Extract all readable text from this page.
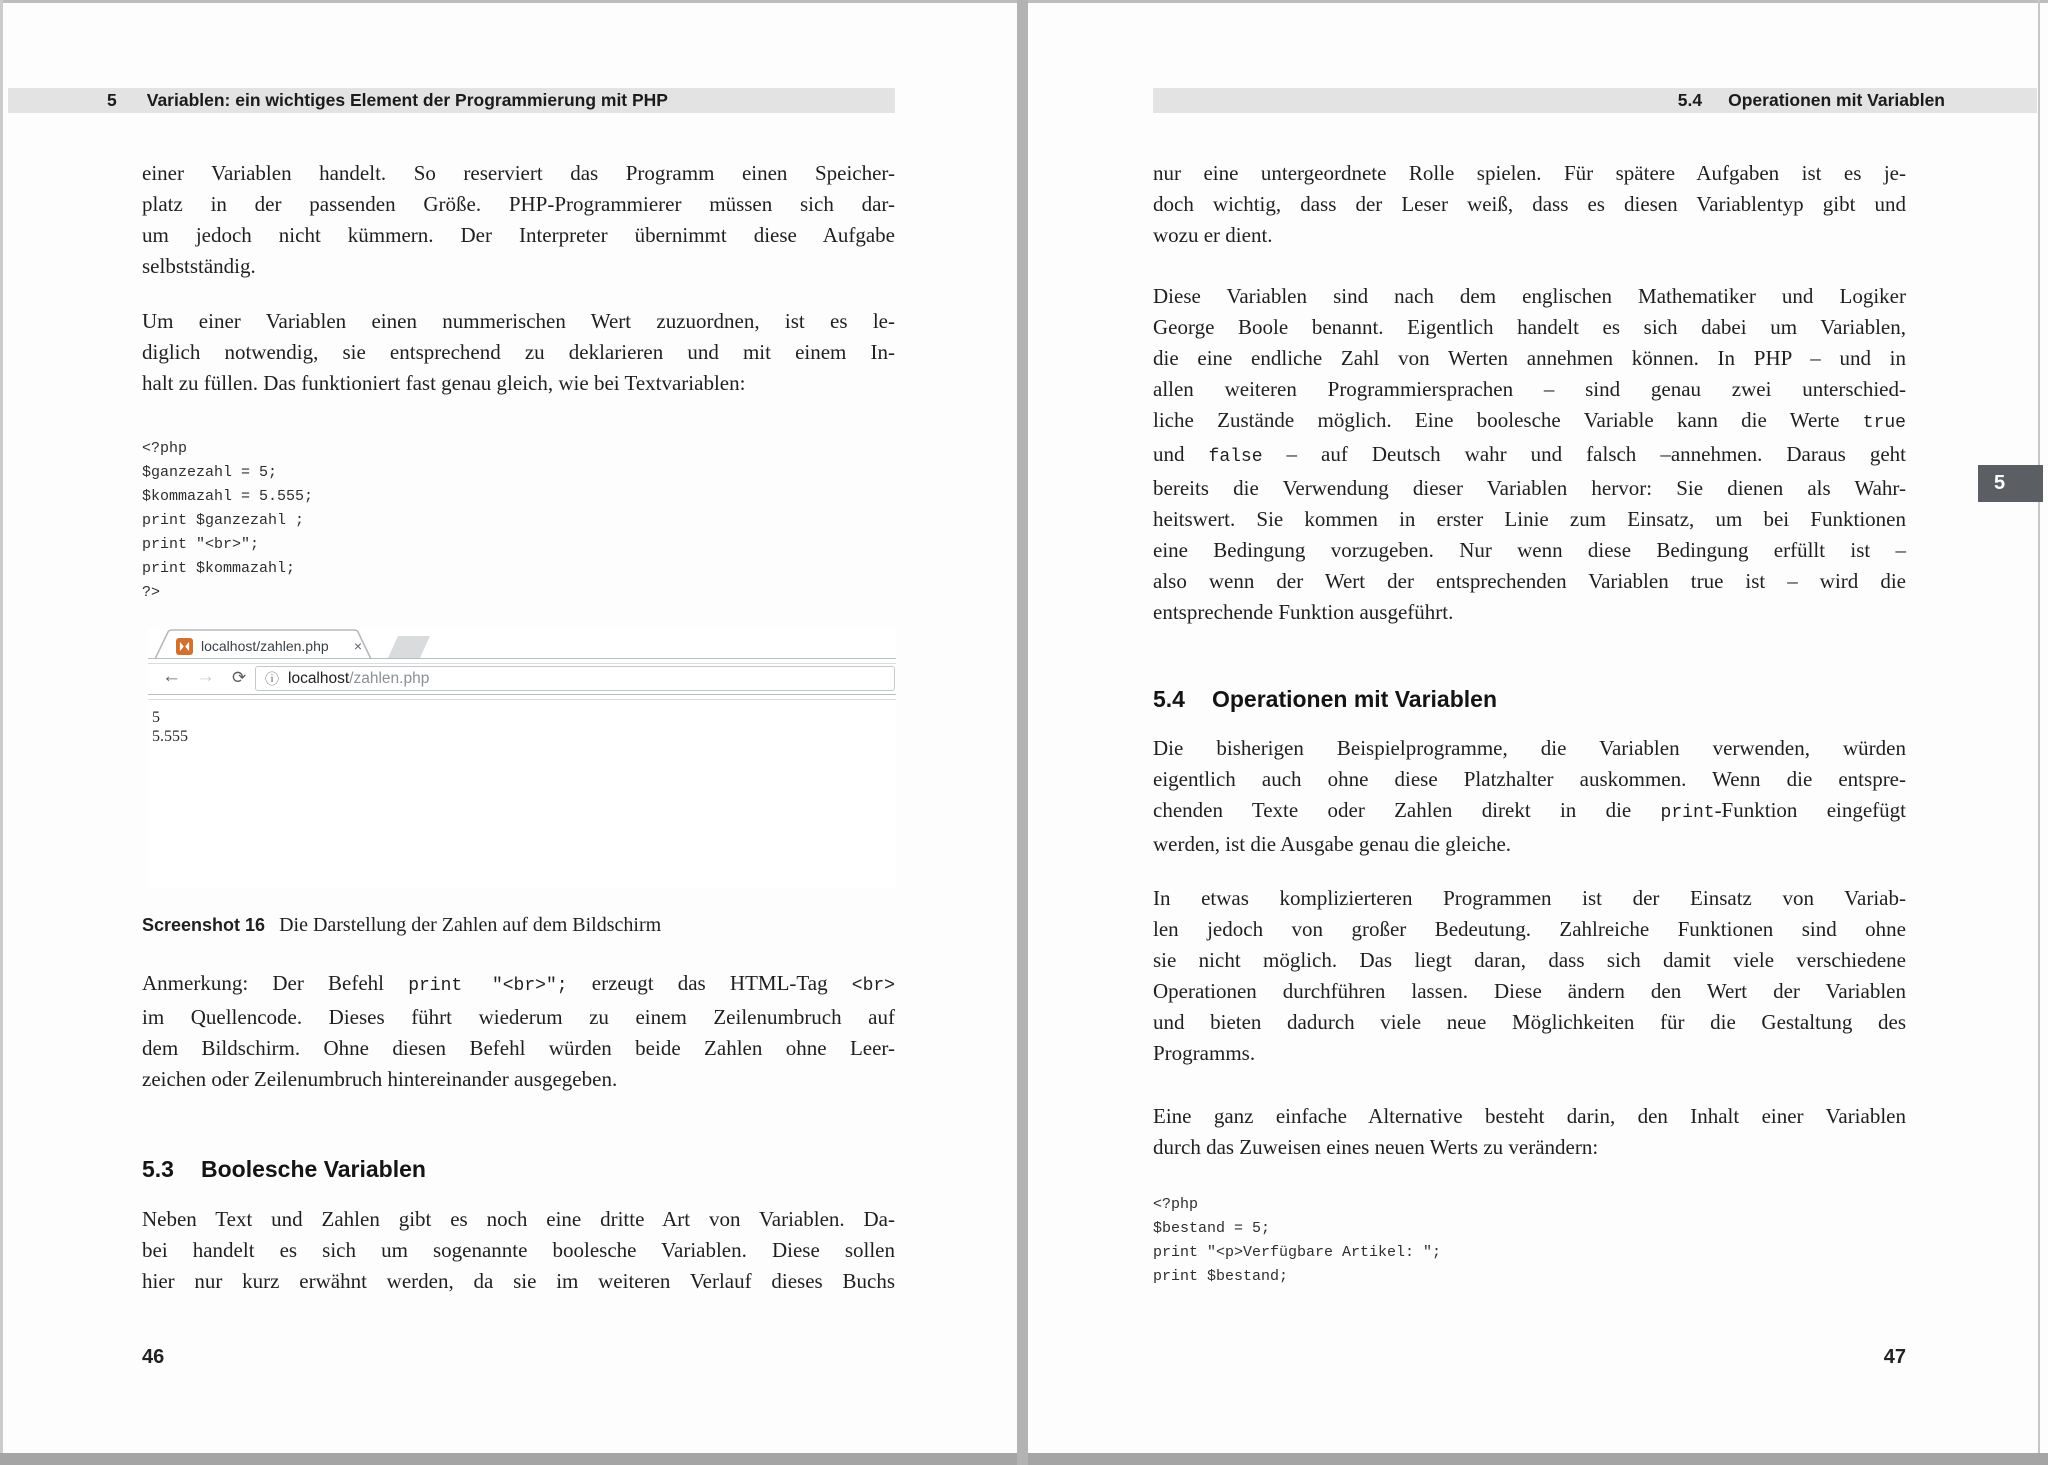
5 Variablen: ein wichtiges Element der Programmierung mit PHP
einer Variablen handelt. So reserviert das Programm einen Speicher-
platz in der passenden Größe. PHP-Programmierer müssen sich dar-
um jedoch nicht kümmern. Der Interpreter übernimmt diese Aufgabe
selbstständig.
Um einer Variablen einen nummerischen Wert zuzuordnen, ist es le-
diglich notwendig, sie entsprechend zu deklarieren und mit einem In-
halt zu füllen. Das funktioniert fast genau gleich, wie bei Textvariablen:
<?php
$ganzezahl = 5;
$kommazahl = 5.555;
print $ganzezahl ;
print "<br>";
print $kommazahl;
?>
localhost/zahlen.php	×
← → ⟳ ⓘ localhost/zahlen.php
5
5.555
Screenshot 16 Die Darstellung der Zahlen auf dem Bildschirm
Anmerkung: Der Befehl print "<br>"; erzeugt das HTML-Tag <br>
im Quellencode. Dieses führt wiederum zu einem Zeilenumbruch auf
dem Bildschirm. Ohne diesen Befehl würden beide Zahlen ohne Leer-
zeichen oder Zeilenumbruch hintereinander ausgegeben.
5.3 Boolesche Variablen
Neben Text und Zahlen gibt es noch eine dritte Art von Variablen. Da-
bei handelt es sich um sogenannte boolesche Variablen. Diese sollen
hier nur kurz erwähnt werden, da sie im weiteren Verlauf dieses Buchs
46
5.4 Operationen mit Variablen
nur eine untergeordnete Rolle spielen. Für spätere Aufgaben ist es je-
doch wichtig, dass der Leser weiß, dass es diesen Variablentyp gibt und
wozu er dient.
Diese Variablen sind nach dem englischen Mathematiker und Logiker
George Boole benannt. Eigentlich handelt es sich dabei um Variablen,
die eine endliche Zahl von Werten annehmen können. In PHP – und in
allen weiteren Programmiersprachen – sind genau zwei unterschied-
liche Zustände möglich. Eine boolesche Variable kann die Werte true
und false – auf Deutsch wahr und falsch –annehmen. Daraus geht
bereits die Verwendung dieser Variablen hervor: Sie dienen als Wahr-
heitswert. Sie kommen in erster Linie zum Einsatz, um bei Funktionen
eine Bedingung vorzugeben. Nur wenn diese Bedingung erfüllt ist –
also wenn der Wert der entsprechenden Variablen true ist – wird die
entsprechende Funktion ausgeführt.
5
5.4 Operationen mit Variablen
Die bisherigen Beispielprogramme, die Variablen verwenden, würden
eigentlich auch ohne diese Platzhalter auskommen. Wenn die entspre-
chenden Texte oder Zahlen direkt in die print-Funktion eingefügt
werden, ist die Ausgabe genau die gleiche.
In etwas komplizierteren Programmen ist der Einsatz von Variab-
len jedoch von großer Bedeutung. Zahlreiche Funktionen sind ohne
sie nicht möglich. Das liegt daran, dass sich damit viele verschiedene
Operationen durchführen lassen. Diese ändern den Wert der Variablen
und bieten dadurch viele neue Möglichkeiten für die Gestaltung des
Programms.
Eine ganz einfache Alternative besteht darin, den Inhalt einer Variablen
durch das Zuweisen eines neuen Werts zu verändern:
<?php
$bestand = 5;
print "<p>Verfügbare Artikel: ";
print $bestand;
47
